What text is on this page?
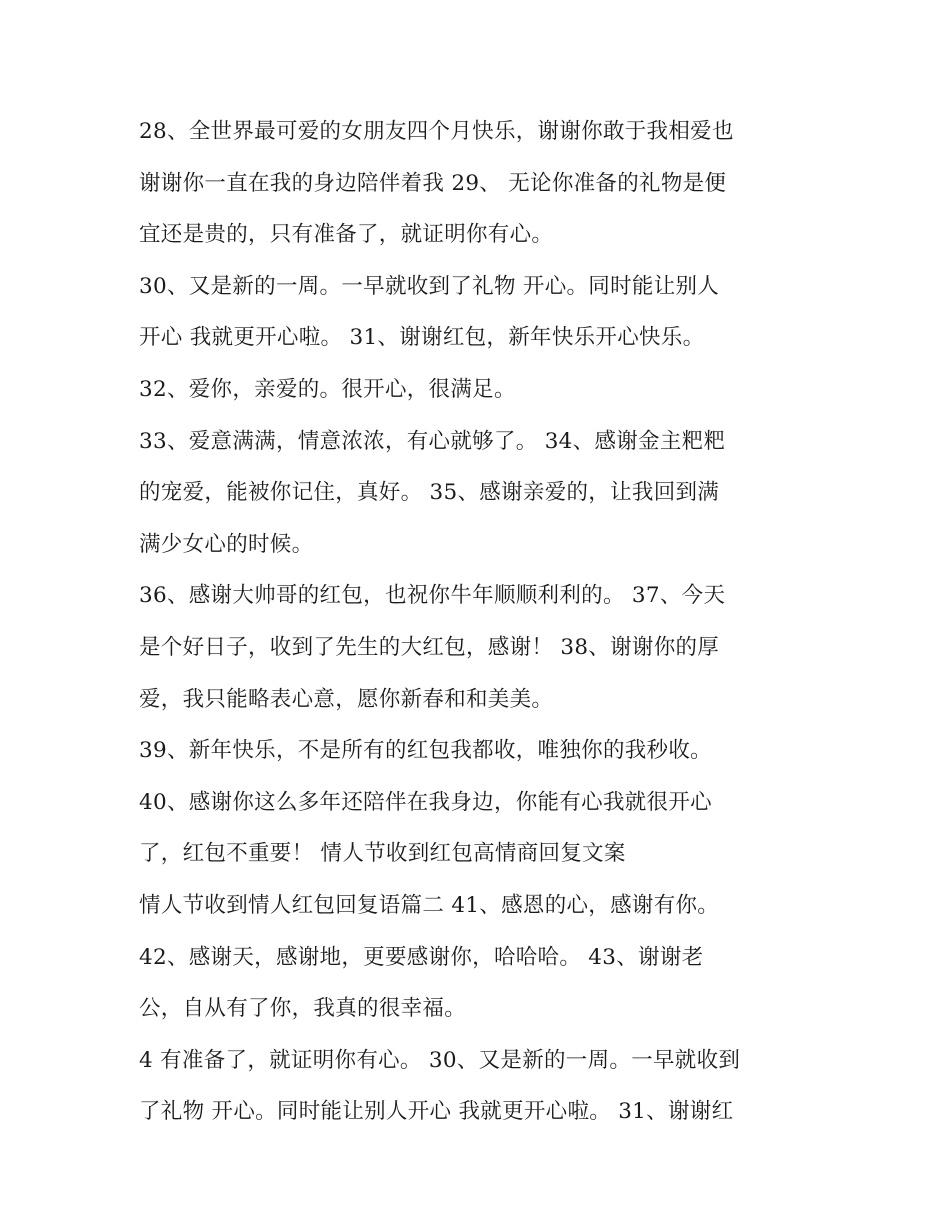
28、全世界最可爱的女朋友四个月快乐，谢谢你敢于我相爱也
谢谢你一直在我的身边陪伴着我 29、 无论你准备的礼物是便
宜还是贵的，只有准备了，就证明你有心。
30、又是新的一周。一早就收到了礼物 开心。同时能让别人
开心 我就更开心啦。 31、谢谢红包，新年快乐开心快乐。
32、爱你，亲爱的。很开心，很满足。
33、爱意满满，情意浓浓，有心就够了。 34、感谢金主粑粑
的宠爱，能被你记住，真好。 35、感谢亲爱的，让我回到满
满少女心的时候。
36、感谢大帅哥的红包，也祝你牛年顺顺利利的。 37、今天
是个好日子，收到了先生的大红包，感谢！ 38、谢谢你的厚
爱，我只能略表心意，愿你新春和和美美。
39、新年快乐，不是所有的红包我都收，唯独你的我秒收。
40、感谢你这么多年还陪伴在我身边，你能有心我就很开心
了，红包不重要！ 情人节收到红包高情商回复文案
情人节收到情人红包回复语篇二 41、感恩的心，感谢有你。
42、感谢天，感谢地，更要感谢你，哈哈哈。 43、谢谢老
公，自从有了你，我真的很幸福。
4 有准备了，就证明你有心。 30、又是新的一周。一早就收到
了礼物 开心。同时能让别人开心 我就更开心啦。 31、谢谢红
